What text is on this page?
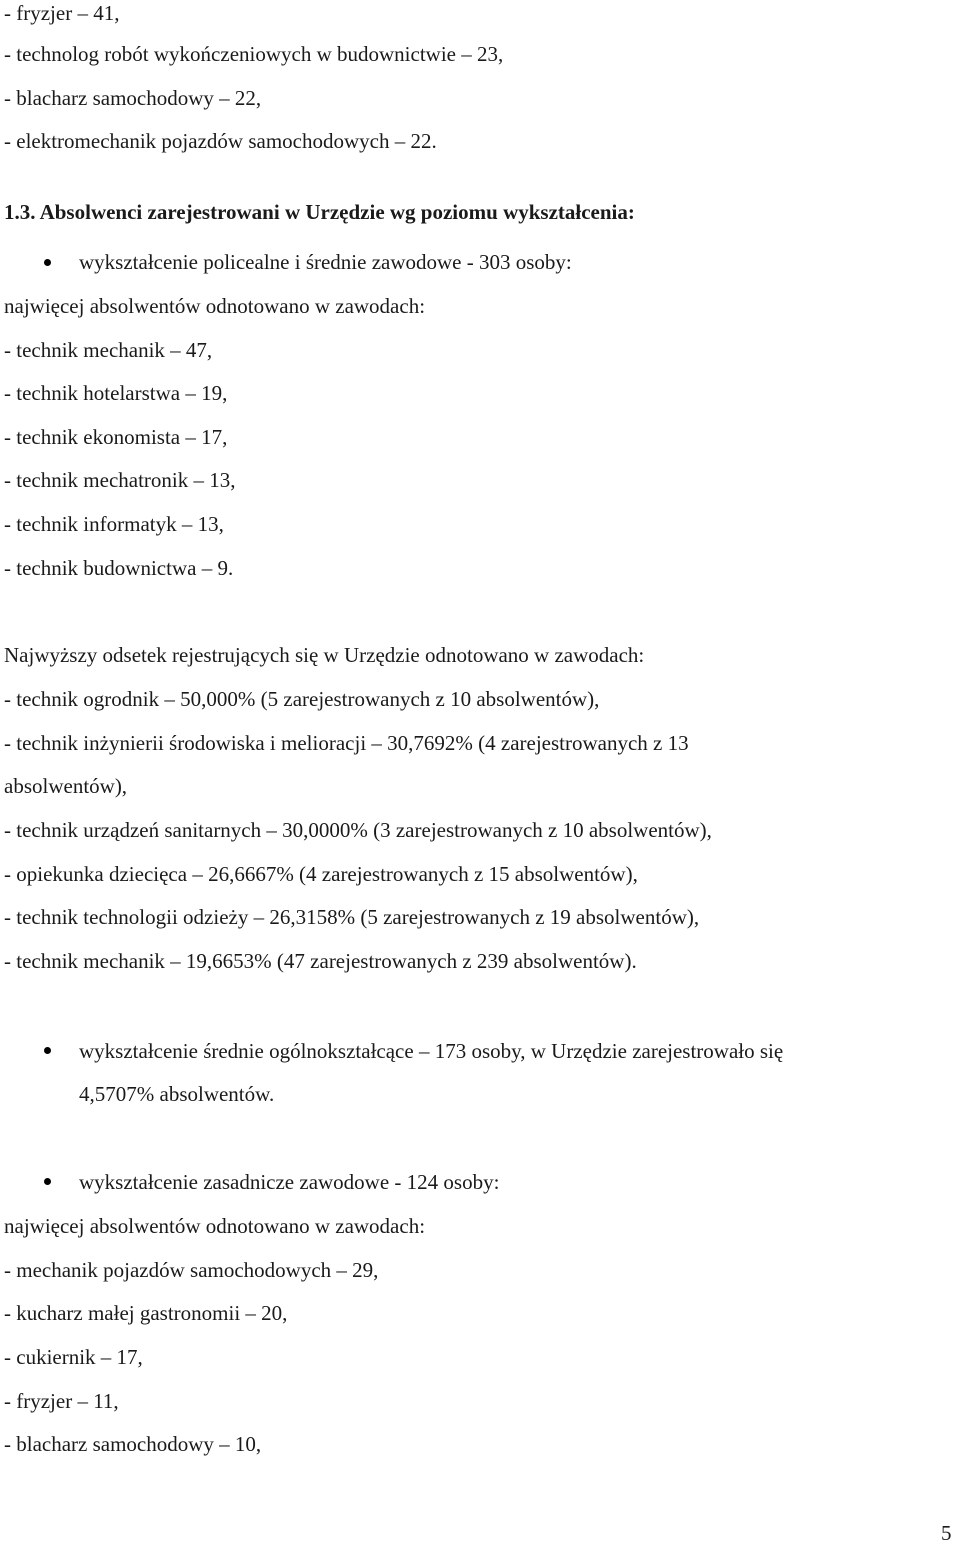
- fryzjer – 41,
- technolog robót wykończeniowych w budownictwie – 23,
- blacharz samochodowy – 22,
- elektromechanik pojazdów samochodowych – 22.
1.3. Absolwenci zarejestrowani w Urzędzie wg poziomu wykształcenia:
wykształcenie policealne i średnie zawodowe - 303 osoby:
najwięcej absolwentów odnotowano w zawodach:
- technik mechanik – 47,
- technik hotelarstwa – 19,
- technik ekonomista – 17,
- technik mechatronik – 13,
- technik informatyk – 13,
- technik budownictwa – 9.
Najwyższy odsetek rejestrujących się w Urzędzie odnotowano w zawodach:
- technik ogrodnik – 50,000% (5 zarejestrowanych z 10 absolwentów),
- technik inżynierii środowiska i melioracji – 30,7692% (4 zarejestrowanych z 13
absolwentów),
- technik urządzeń sanitarnych – 30,0000% (3 zarejestrowanych z 10 absolwentów),
- opiekunka dziecięca – 26,6667% (4 zarejestrowanych z 15 absolwentów),
- technik technologii odzieży – 26,3158% (5 zarejestrowanych z 19 absolwentów),
- technik mechanik – 19,6653% (47 zarejestrowanych z 239 absolwentów).
wykształcenie średnie ogólnokształcące – 173 osoby, w Urzędzie zarejestrowało się
4,5707% absolwentów.
wykształcenie zasadnicze zawodowe - 124 osoby:
najwięcej absolwentów odnotowano w zawodach:
- mechanik pojazdów samochodowych – 29,
- kucharz małej gastronomii – 20,
- cukiernik – 17,
- fryzjer – 11,
- blacharz samochodowy – 10,
5
